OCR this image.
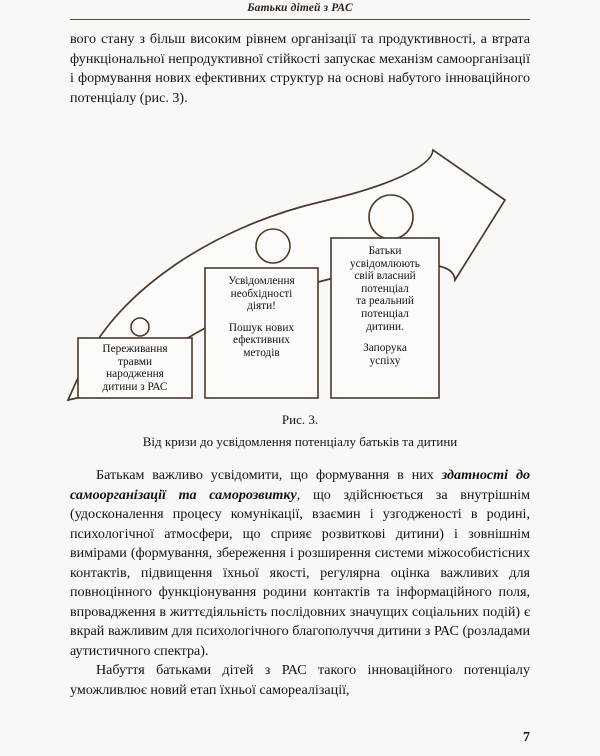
Батьки дітей з РАС

вого стану з більш високим рівнем організації та продуктивності, а втрата функціональної непродуктивної стійкості запускає механізм самоорганізації і формування нових ефективних структур на основі набутого інноваційного потенціалу (рис. 3).

Переживання
травми
народження
дитини з РАС
Усвідомлення
необхідності
діяти!
Пошук нових
ефективних
методів
Батьки
усвідомлюють
свій власний
потенціал
та реальний
потенціал
дитини.
Запорука
успіху
Рис. 3.
Від кризи до усвідомлення потенціалу батьків та дитини

Батькам важливо усвідомити, що формування в них здатності до самоорганізації та саморозвитку, що здійснюється за внутрішнім (удосконалення процесу комунікації, взаємин і узгодженості в родині, психологічної атмосфери, що сприяє розвиткові дитини) і зовнішнім вимірами (формування, збереження і розширення системи міжособистісних контактів, підвищення їхньої якості, регулярна оцінка важливих для повноцінного функціонування родини контактів та інформаційного поля, впровадження в життєдіяльність послідовних значущих соціальних подій) є вкрай важливим для психологічного благополуччя дитини з РАС (розладами аутистичного спектра).

Набуття батьками дітей з РАС такого інноваційного потенціалу уможливлює новий етап їхньої самореалізації,

7
